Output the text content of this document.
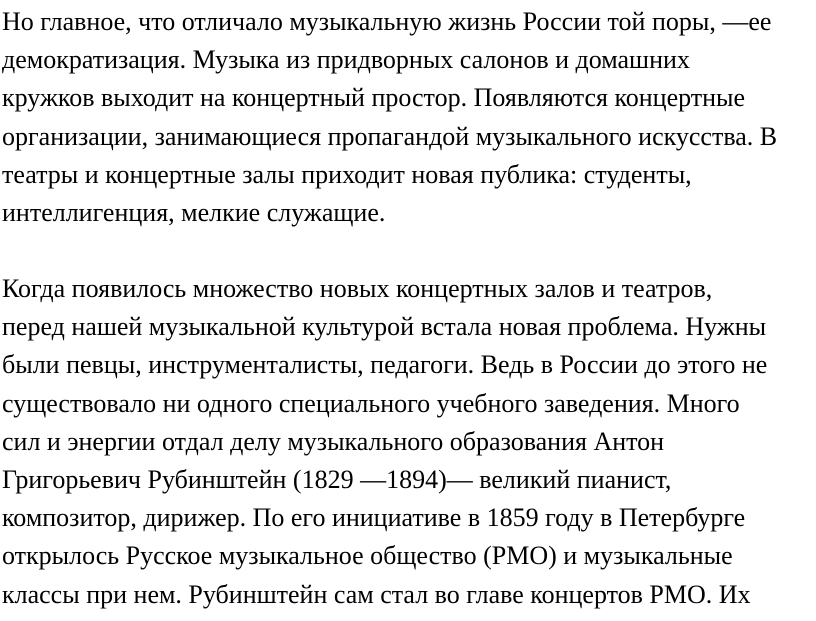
Но главное, что отличало музыкальную жизнь России той поры, —ее
демократизация. Музыка из придворных салонов и домашних
кружков выходит на концертный простор. Появляются концертные
организации, занимающиеся пропагандой музыкального искусства. В
театры и концертные залы приходит новая публика: студенты,
интеллигенция, мелкие служащие.
Когда появилось множество новых концертных залов и театров,
перед нашей музыкальной культурой встала новая проблема. Нужны
были певцы, инструменталисты, педагоги. Ведь в России до этого не
существовало ни одного специального учебного заведения. Много
сил и энергии отдал делу музыкального образования Антон
Григорьевич Рубинштейн (1829 —1894)— великий пианист,
композитор, дирижер. По его инициативе в 1859 году в Петербурге
открылось Русское музыкальное общество (РМО) и музыкальные
классы при нем. Рубинштейн сам стал во главе концертов РМО. Их
